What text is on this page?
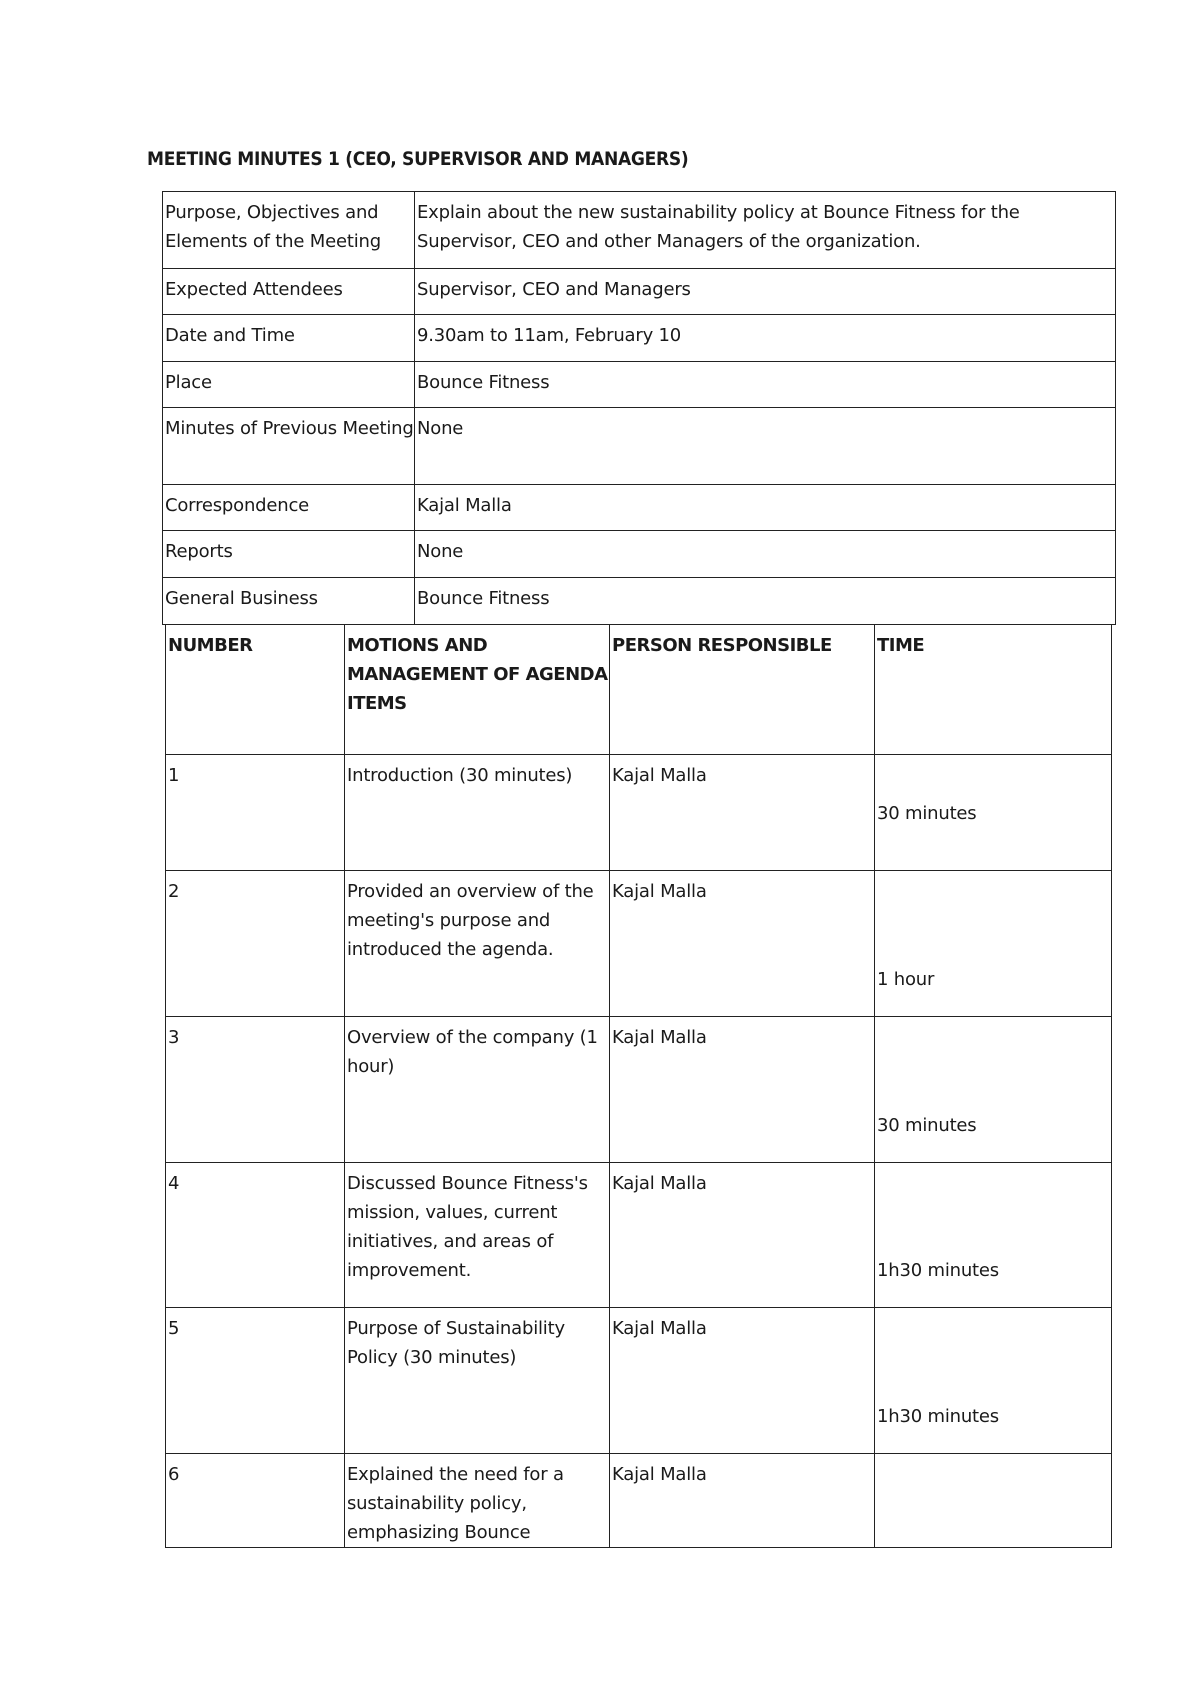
MEETING MINUTES 1 (CEO, SUPERVISOR AND MANAGERS)
Purpose, Objectives and Elements of the Meeting	Explain about the new sustainability policy at Bounce Fitness for the Supervisor, CEO and other Managers of the organization.
Expected Attendees	Supervisor, CEO and Managers
Date and Time	9.30am to 11am, February 10
Place	Bounce Fitness
Minutes of Previous Meeting	None
Correspondence	Kajal Malla
Reports	None
General Business	Bounce Fitness
NUMBER	MOTIONS AND MANAGEMENT OF AGENDA ITEMS	PERSON RESPONSIBLE	TIME
1	Introduction (30 minutes)	Kajal Malla	30 minutes

2	Provided an overview of the meeting's purpose and introduced the agenda.	Kajal Malla	1 hour

3	Overview of the company (1 hour)	Kajal Malla	30 minutes

4	Discussed Bounce Fitness's mission, values, current initiatives, and areas of improvement.	Kajal Malla	1h30 minutes

5	Purpose of Sustainability Policy (30 minutes)	Kajal Malla	1h30 minutes

6	Explained the need for a sustainability policy, emphasizing Bounce	Kajal Malla	
